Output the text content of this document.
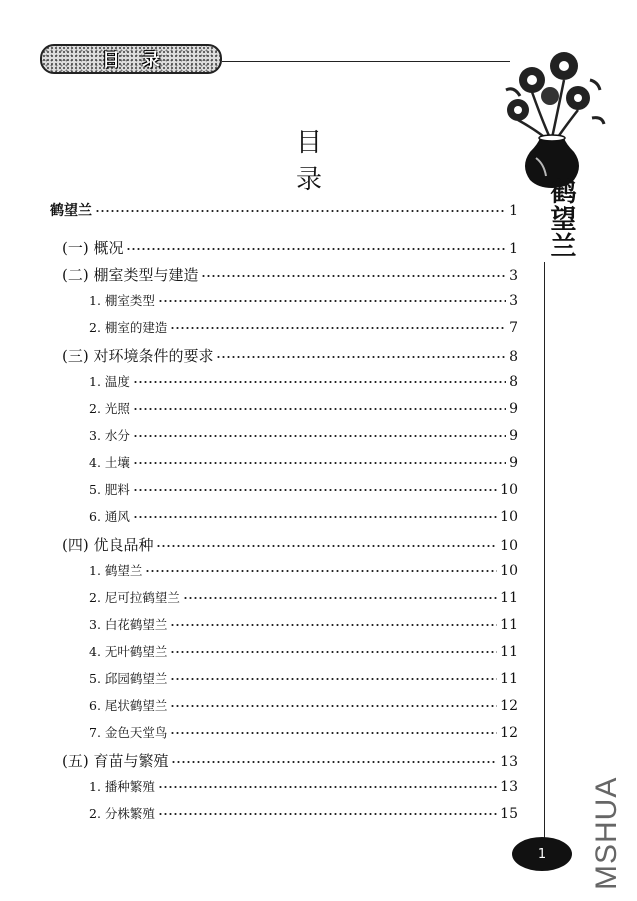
目录
鹤望兰
目　录
鹤望兰	1
(一) 概况	1
(二) 棚室类型与建造	3
1. 棚室类型	3
2. 棚室的建造	7
(三) 对环境条件的要求	8
1. 温度	8
2. 光照	9
3. 水分	9
4. 土壤	9
5. 肥料	10
6. 通风	10
(四) 优良品种	10
1. 鹤望兰	10
2. 尼可拉鹤望兰	11
3. 白花鹤望兰	11
4. 无叶鹤望兰	11
5. 邱园鹤望兰	11
6. 尾状鹤望兰	12
7. 金色天堂鸟	12
(五) 育苗与繁殖	13
1. 播种繁殖	13
2. 分株繁殖	15
1	MSHUA
